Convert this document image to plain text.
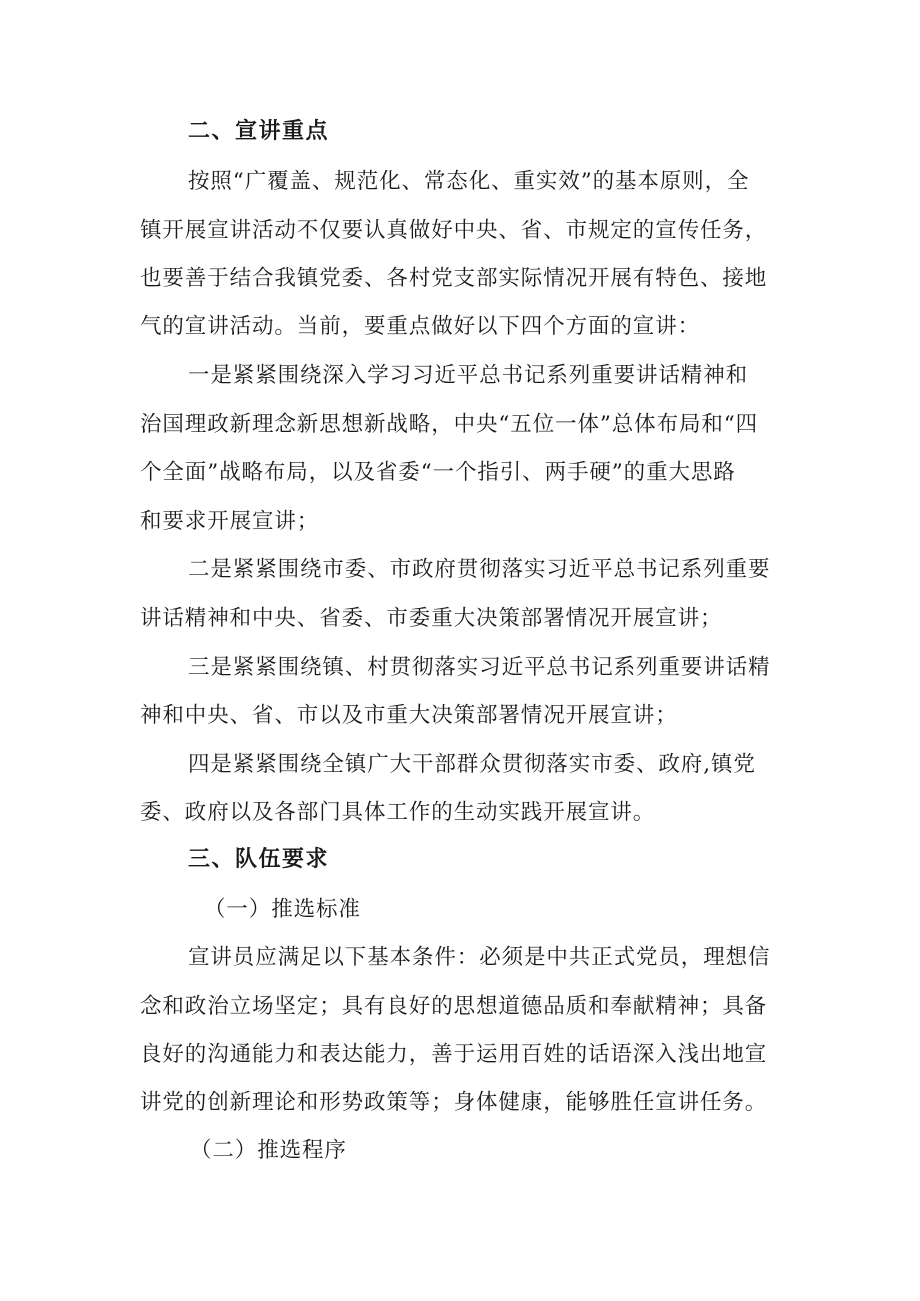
二、宣讲重点
按照“广覆盖、规范化、常态化、重实效”的基本原则，全
镇开展宣讲活动不仅要认真做好中央、省、市规定的宣传任务，
也要善于结合我镇党委、各村党支部实际情况开展有特色、接地
气的宣讲活动。当前，要重点做好以下四个方面的宣讲：
一是紧紧围绕深入学习习近平总书记系列重要讲话精神和
治国理政新理念新思想新战略，中央“五位一体”总体布局和“四
个全面”战略布局，以及省委“一个指引、两手硬”的重大思路
和要求开展宣讲；
二是紧紧围绕市委、市政府贯彻落实习近平总书记系列重要
讲话精神和中央、省委、市委重大决策部署情况开展宣讲；
三是紧紧围绕镇、村贯彻落实习近平总书记系列重要讲话精
神和中央、省、市以及市重大决策部署情况开展宣讲；
四是紧紧围绕全镇广大干部群众贯彻落实市委、政府,镇党
委、政府以及各部门具体工作的生动实践开展宣讲。
三、队伍要求
（一）推选标准
宣讲员应满足以下基本条件：必须是中共正式党员，理想信
念和政治立场坚定；具有良好的思想道德品质和奉献精神；具备
良好的沟通能力和表达能力，善于运用百姓的话语深入浅出地宣
讲党的创新理论和形势政策等；身体健康，能够胜任宣讲任务。
（二）推选程序
